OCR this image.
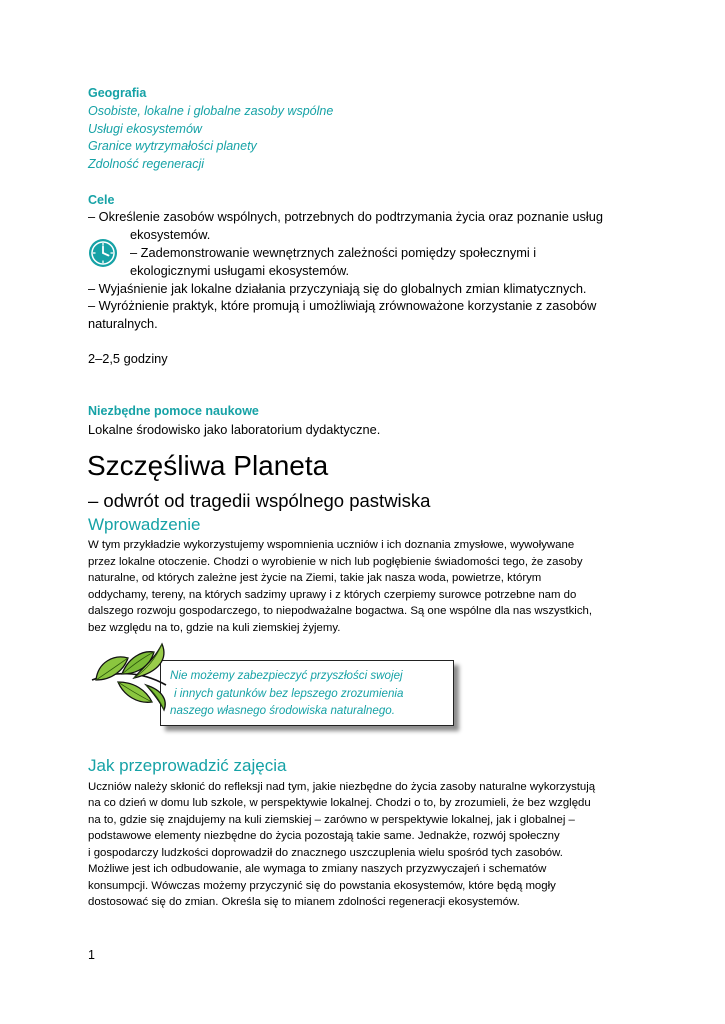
Geografia
Osobiste, lokalne i globalne zasoby wspólne
Usługi ekosystemów
Granice wytrzymałości planety
Zdolność regeneracji
Cele
– Określenie zasobów wspólnych, potrzebnych do podtrzymania życia oraz poznanie usług
ekosystemów.
– Zademonstrowanie wewnętrznych zależności pomiędzy społecznymi i
ekologicznymi usługami ekosystemów.
– Wyjaśnienie jak lokalne działania przyczyniają się do globalnych zmian klimatycznych.
– Wyróżnienie praktyk, które promują i umożliwiają zrównoważone korzystanie z zasobów
naturalnych.
2–2,5 godziny
Niezbędne pomoce naukowe
Lokalne środowisko jako laboratorium dydaktyczne.
Szczęśliwa Planeta
– odwrót od tragedii wspólnego pastwiska
Wprowadzenie
W tym przykładzie wykorzystujemy wspomnienia uczniów i ich doznania zmysłowe, wywoływane
przez lokalne otoczenie. Chodzi o wyrobienie w nich lub pogłębienie świadomości tego, że zasoby
naturalne, od których zależne jest życie na Ziemi, takie jak nasza woda, powietrze, którym
oddychamy, tereny, na których sadzimy uprawy i z których czerpiemy surowce potrzebne nam do
dalszego rozwoju gospodarczego, to niepodważalne bogactwa. Są one wspólne dla nas wszystkich,
bez względu na to, gdzie na kuli ziemskiej żyjemy.
Nie możemy zabezpieczyć przyszłości swojej
i innych gatunków bez lepszego zrozumienia
naszego własnego środowiska naturalnego.
Jak przeprowadzić zajęcia
Uczniów należy skłonić do refleksji nad tym, jakie niezbędne do życia zasoby naturalne wykorzystują
na co dzień w domu lub szkole, w perspektywie lokalnej. Chodzi o to, by zrozumieli, że bez względu
na to, gdzie się znajdujemy na kuli ziemskiej – zarówno w perspektywie lokalnej, jak i globalnej –
podstawowe elementy niezbędne do życia pozostają takie same. Jednakże, rozwój społeczny
i gospodarczy ludzkości doprowadził do znacznego uszczuplenia wielu spośród tych zasobów.
Możliwe jest ich odbudowanie, ale wymaga to zmiany naszych przyzwyczajeń i schematów
konsumpcji. Wówczas możemy przyczynić się do powstania ekosystemów, które będą mogły
dostosować się do zmian. Określa się to mianem zdolności regeneracji ekosystemów.
1
